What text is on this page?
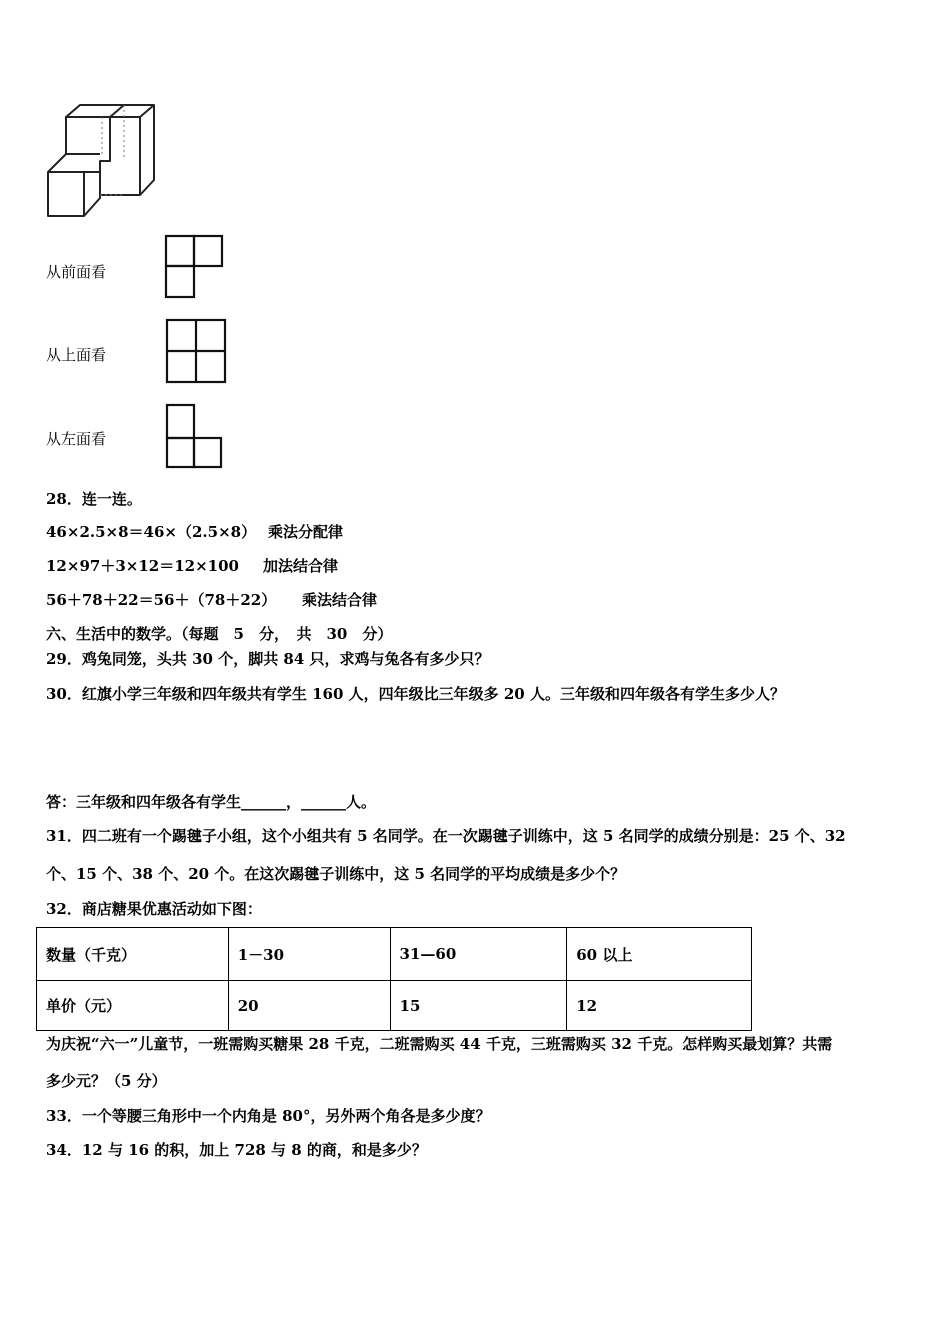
从前面看
从上面看
从左面看
28．连一连。
46×2.5×8＝46×（2.5×8） 乘法分配律
12×97＋3×12＝12×100 加法结合律
56＋78＋22＝56＋（78＋22） 乘法结合律
六、生活中的数学。（每题　5　分，　共　30　分）
29．鸡兔同笼，头共 30 个，脚共 84 只，求鸡与兔各有多少只？
30．红旗小学三年级和四年级共有学生 160 人，四年级比三年级多 20 人。三年级和四年级各有学生多少人？
答：三年级和四年级各有学生______，______人。
31．四二班有一个踢毽子小组，这个小组共有 5 名同学。在一次踢毽子训练中，这 5 名同学的成绩分别是：25 个、32
个、15 个、38 个、20 个。在这次踢毽子训练中，这 5 名同学的平均成绩是多少个？
32．商店糖果优惠活动如下图：
数量（千克）	1－30	31—60	60 以上
单价（元）	20	15	12
为庆祝“六一”儿童节，一班需购买糖果 28 千克，二班需购买 44 千克，三班需购买 32 千克。怎样购买最划算？共需
多少元？（5 分）
33．一个等腰三角形中一个内角是 80°，另外两个角各是多少度？
34．12 与 16 的积，加上 728 与 8 的商，和是多少？
